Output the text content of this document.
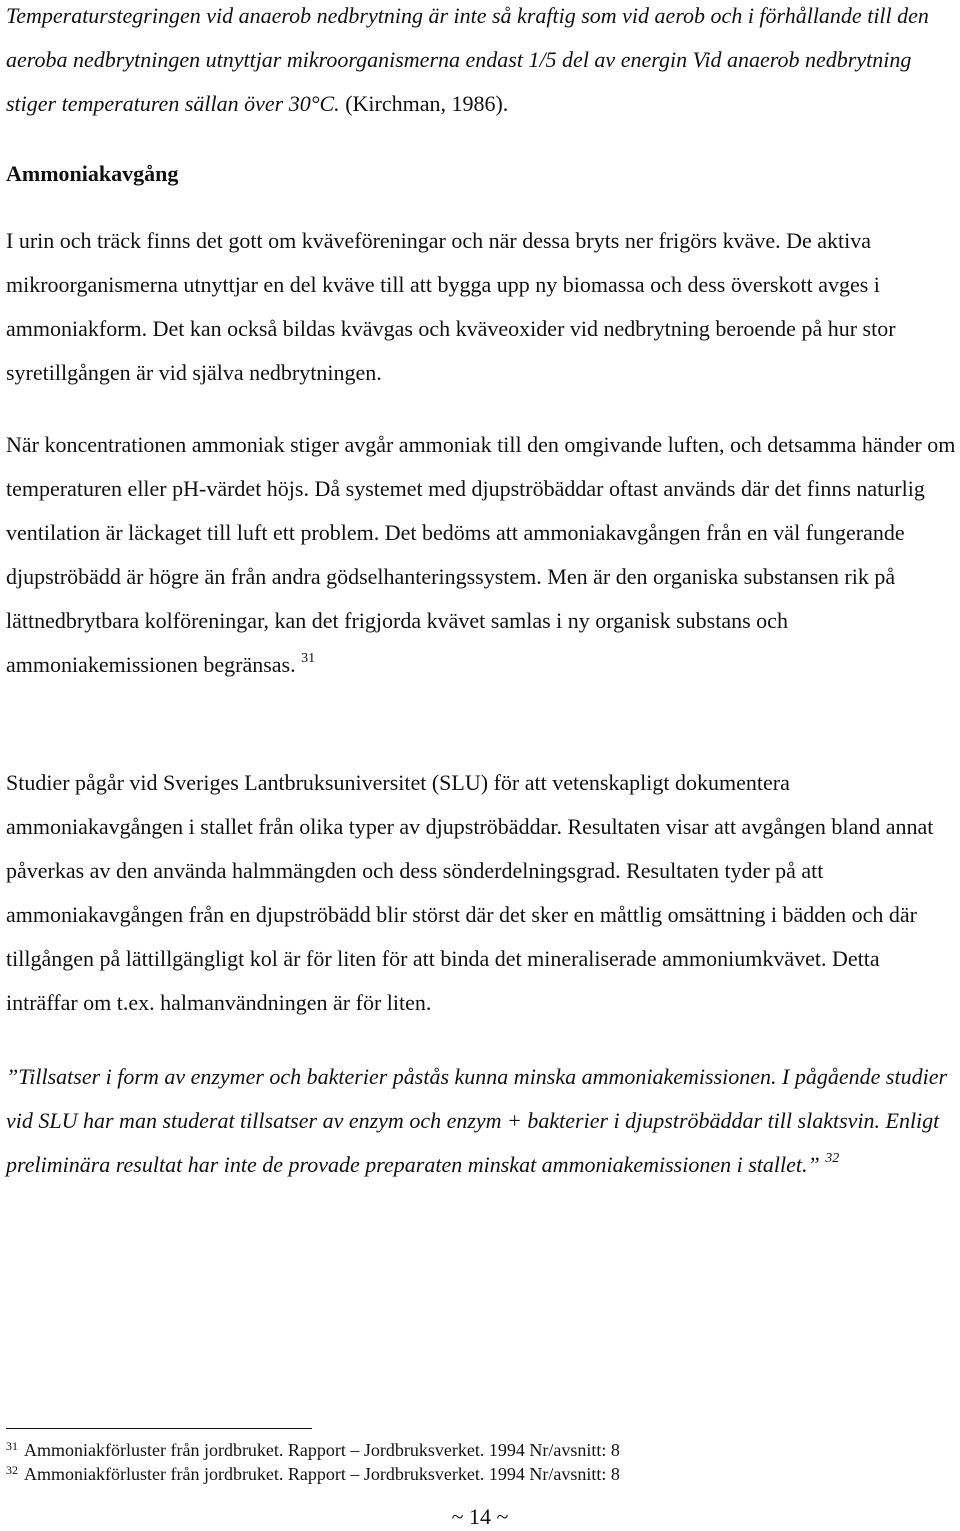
Temperaturstegringen vid anaerob nedbrytning är inte så kraftig som vid aerob och i förhållande till den aeroba nedbrytningen utnyttjar mikroorganismerna endast 1/5 del av energin Vid anaerob nedbrytning stiger temperaturen sällan över 30°C. (Kirchman, 1986).

Ammoniakavgång

I urin och träck finns det gott om kväveföreningar och när dessa bryts ner frigörs kväve. De aktiva mikroorganismerna utnyttjar en del kväve till att bygga upp ny biomassa och dess överskott avges i ammoniakform. Det kan också bildas kvävgas och kväveoxider vid nedbrytning beroende på hur stor syretillgången är vid själva nedbrytningen.

När koncentrationen ammoniak stiger avgår ammoniak till den omgivande luften, och detsamma händer om temperaturen eller pH-värdet höjs. Då systemet med djupströbäddar oftast används där det finns naturlig ventilation är läckaget till luft ett problem. Det bedöms att ammoniakavgången från en väl fungerande djupströbädd är högre än från andra gödselhanteringssystem. Men är den organiska substansen rik på lättnedbrytbara kolföreningar, kan det frigjorda kvävet samlas i ny organisk substans och ammoniakemissionen begränsas. $^{31}$

Studier pågår vid Sveriges Lantbruksuniversitet (SLU) för att vetenskapligt dokumentera ammoniakavgången i stallet från olika typer av djupströbäddar. Resultaten visar att avgången bland annat påverkas av den använda halmmängden och dess sönderdelningsgrad. Resultaten tyder på att ammoniakavgången från en djupströbädd blir störst där det sker en måttlig omsättning i bädden och där tillgången på lättillgängligt kol är för liten för att binda det mineraliserade ammoniumkvävet. Detta inträffar om t.ex. halmanvändningen är för liten.

”Tillsatser i form av enzymer och bakterier påstås kunna minska ammoniakemissionen. I pågående studier vid SLU har man studerat tillsatser av enzym och enzym + bakterier i djupströbäddar till slaktsvin. Enligt preliminära resultat har inte de provade preparaten minskat ammoniakemissionen i stallet.” $^{32}$

$^{31}$ Ammoniakförluster från jordbruket. Rapport – Jordbruksverket. 1994 Nr/avsnitt: 8

$^{32}$ Ammoniakförluster från jordbruket. Rapport – Jordbruksverket. 1994 Nr/avsnitt: 8

~ 14 ~
